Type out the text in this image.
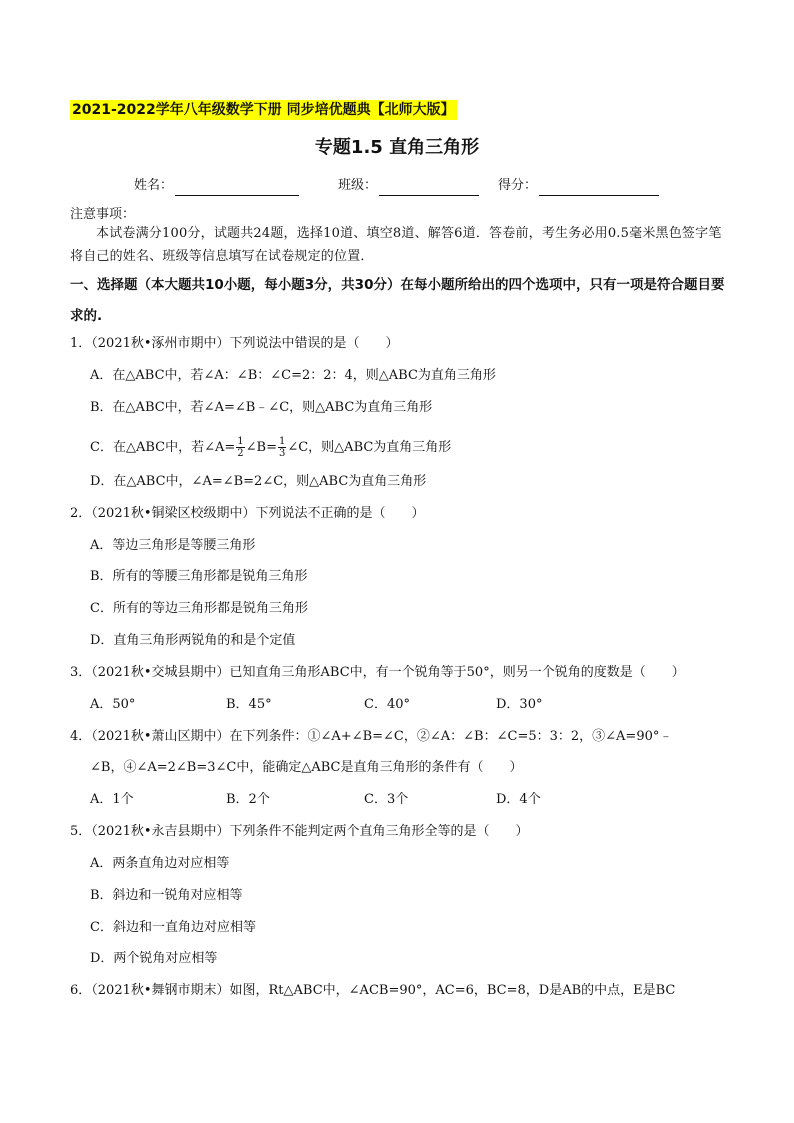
2021-2022学年八年级数学下册 同步培优题典【北师大版】
专题1.5 直角三角形
姓名：	班级：	得分：
注意事项：
本试卷满分100分，试题共24题，选择10道、填空8道、解答6道．答卷前，考生务必用0.5毫米黑色签字笔将自己的姓名、班级等信息填写在试卷规定的位置．
一、选择题（本大题共10小题，每小题3分，共30分）在每小题所给出的四个选项中，只有一项是符合题目要求的.
1．（2021秋•涿州市期中）下列说法中错误的是（　　）
A．在△ABC中，若∠A：∠B：∠C=2：2：4，则△ABC为直角三角形
B．在△ABC中，若∠A=∠B﹣∠C，则△ABC为直角三角形
C．在△ABC中，若∠A= $\frac{1}{2}$ ∠B= $\frac{1}{3}$ ∠C，则△ABC为直角三角形
D．在△ABC中，∠A=∠B=2∠C，则△ABC为直角三角形
2．（2021秋•铜梁区校级期中）下列说法不正确的是（　　）
A．等边三角形是等腰三角形
B．所有的等腰三角形都是锐角三角形
C．所有的等边三角形都是锐角三角形
D．直角三角形两锐角的和是个定值
3．（2021秋•交城县期中）已知直角三角形ABC中，有一个锐角等于50°，则另一个锐角的度数是（　　）
A．50°	B．45°	C．40°	D．30°
4．（2021秋•萧山区期中）在下列条件：①∠A+∠B=∠C，②∠A：∠B：∠C=5：3：2，③∠A=90°﹣
∠B，④∠A=2∠B=3∠C中，能确定△ABC是直角三角形的条件有（　　）
A．1个	B．2个	C．3个	D．4个
5．（2021秋•永吉县期中）下列条件不能判定两个直角三角形全等的是（　　）
A．两条直角边对应相等
B．斜边和一锐角对应相等
C．斜边和一直角边对应相等
D．两个锐角对应相等
6．（2021秋•舞钢市期末）如图，Rt△ABC中，∠ACB=90°，AC=6，BC=8，D是AB的中点，E是BC
